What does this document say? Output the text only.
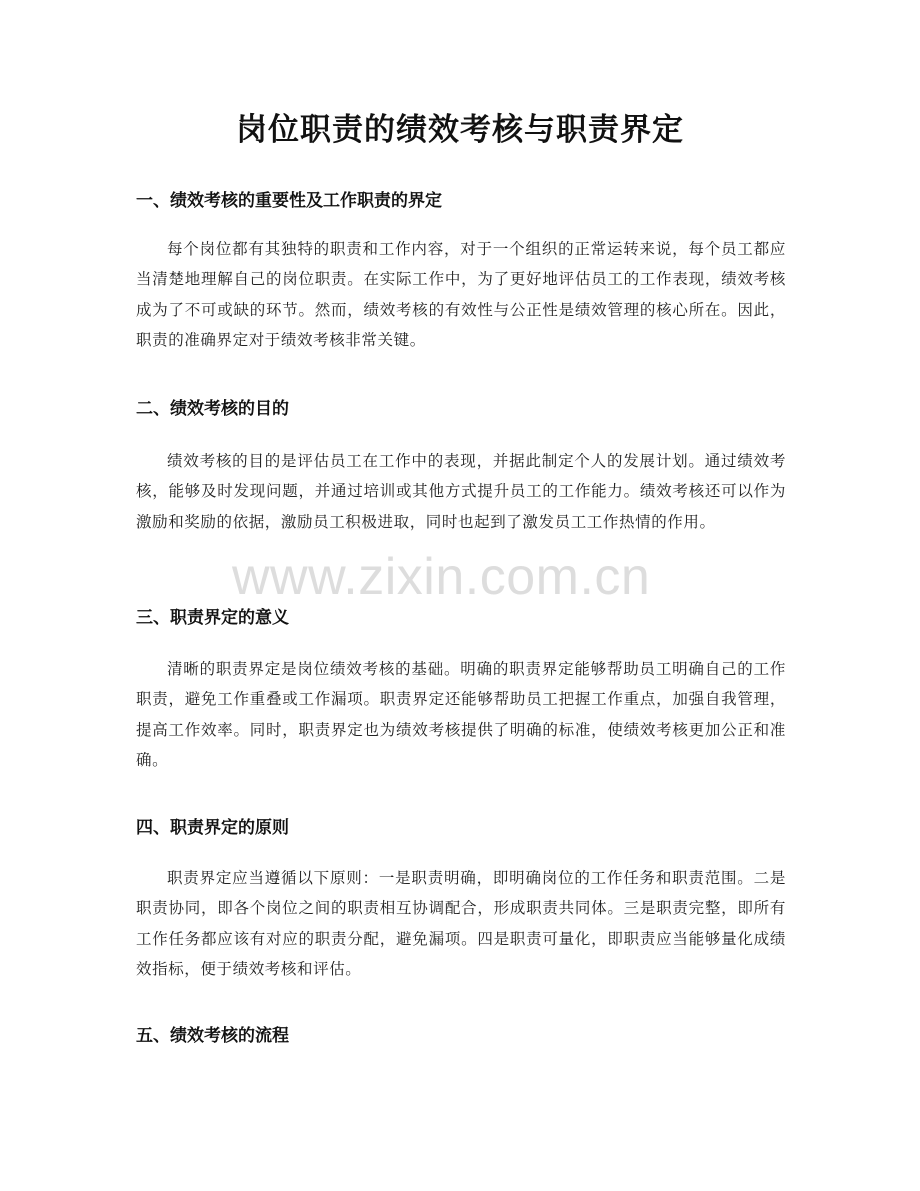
岗位职责的绩效考核与职责界定
一、绩效考核的重要性及工作职责的界定
每个岗位都有其独特的职责和工作内容，对于一个组织的正常运转来说，每个员工都应当清楚地理解自己的岗位职责。在实际工作中，为了更好地评估员工的工作表现，绩效考核成为了不可或缺的环节。然而，绩效考核的有效性与公正性是绩效管理的核心所在。因此，职责的准确界定对于绩效考核非常关键。
二、绩效考核的目的
绩效考核的目的是评估员工在工作中的表现，并据此制定个人的发展计划。通过绩效考核，能够及时发现问题，并通过培训或其他方式提升员工的工作能力。绩效考核还可以作为激励和奖励的依据，激励员工积极进取，同时也起到了激发员工工作热情的作用。
三、职责界定的意义
清晰的职责界定是岗位绩效考核的基础。明确的职责界定能够帮助员工明确自己的工作职责，避免工作重叠或工作漏项。职责界定还能够帮助员工把握工作重点，加强自我管理，提高工作效率。同时，职责界定也为绩效考核提供了明确的标准，使绩效考核更加公正和准确。
四、职责界定的原则
职责界定应当遵循以下原则：一是职责明确，即明确岗位的工作任务和职责范围。二是职责协同，即各个岗位之间的职责相互协调配合，形成职责共同体。三是职责完整，即所有工作任务都应该有对应的职责分配，避免漏项。四是职责可量化，即职责应当能够量化成绩效指标，便于绩效考核和评估。
五、绩效考核的流程
www.zixin.com.cn
